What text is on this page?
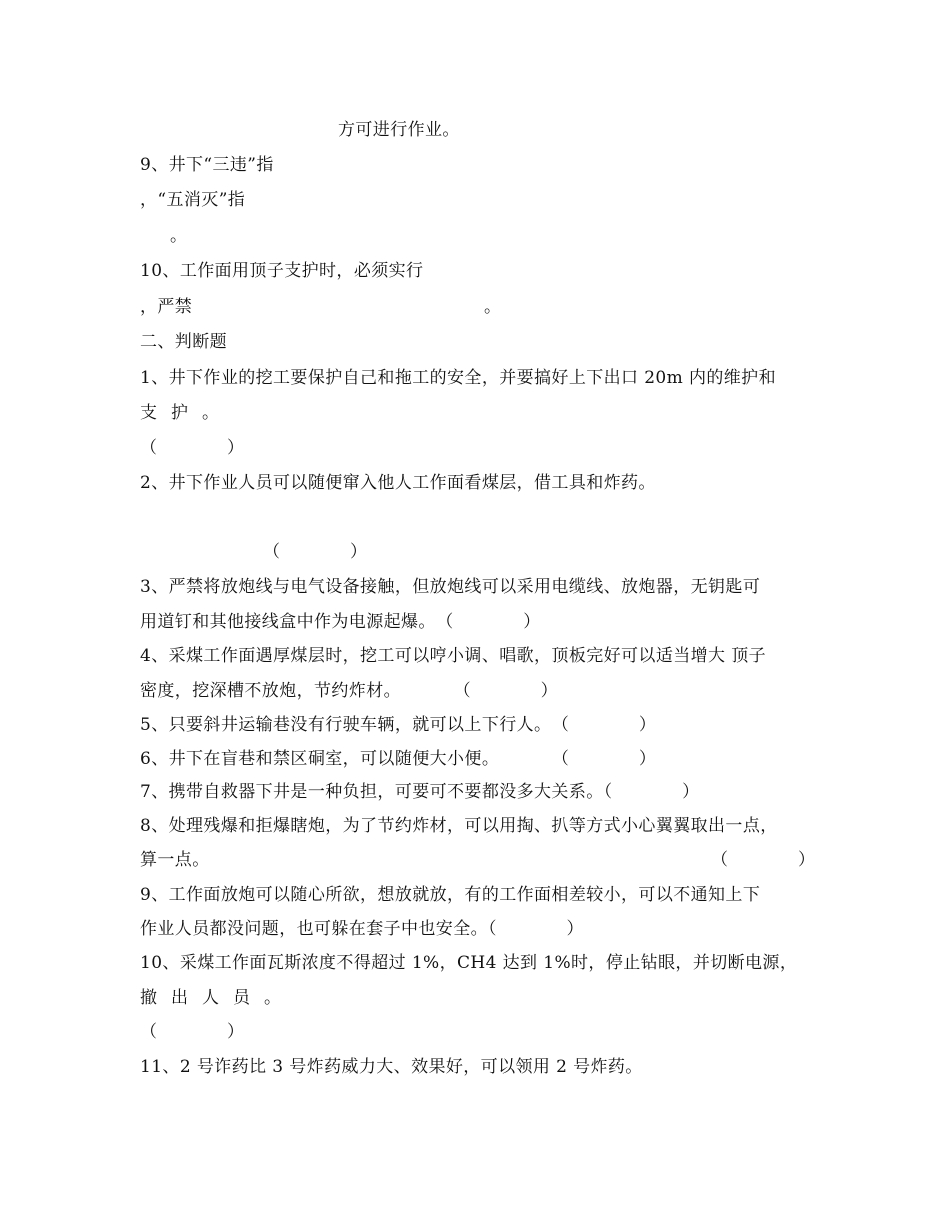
方可进行作业。
9、井下“三违”指
，“五消灭”指
。
10、工作面用顶子支护时，必须实行
，严禁	。
二、判断题
1、井下作业的挖工要保护自己和拖工的安全，并要搞好上下出口 20m 内的维护和
支护。
（　　　　）
2、井下作业人员可以随便窜入他人工作面看煤层，借工具和炸药。
（　　　　）
3、严禁将放炮线与电气设备接触，但放炮线可以采用电缆线、放炮器，无钥匙可
用道钉和其他接线盒中作为电源起爆。　（　　　　）
4、采煤工作面遇厚煤层时，挖工可以哼小调、唱歌，顶板完好可以适当增大 顶子
密度，挖深槽不放炮，节约炸材。　　　　（　　　　）
5、只要斜井运输巷没有行驶车辆，就可以上下行人。　（　　　　）
6、井下在盲巷和禁区硐室，可以随便大小便。　　　　（　　　　）
7、携带自救器下井是一种负担，可要可不要都没多大关系。（　　　　）
8、处理残爆和拒爆瞎炮，为了节约炸材，可以用掏、扒等方式小心翼翼取出一点，
算一点。	（　　　　）
9、工作面放炮可以随心所欲，想放就放，有的工作面相差较小，可以不通知上下
作业人员都没问题，也可躲在套子中也安全。（　　　　）
10、采煤工作面瓦斯浓度不得超过 1%，CH4 达到 1%时，停止钻眼，并切断电源，
撤出人员。
（　　　　）
11、2 号诈药比 3 号炸药威力大、效果好，可以领用 2 号炸药。
